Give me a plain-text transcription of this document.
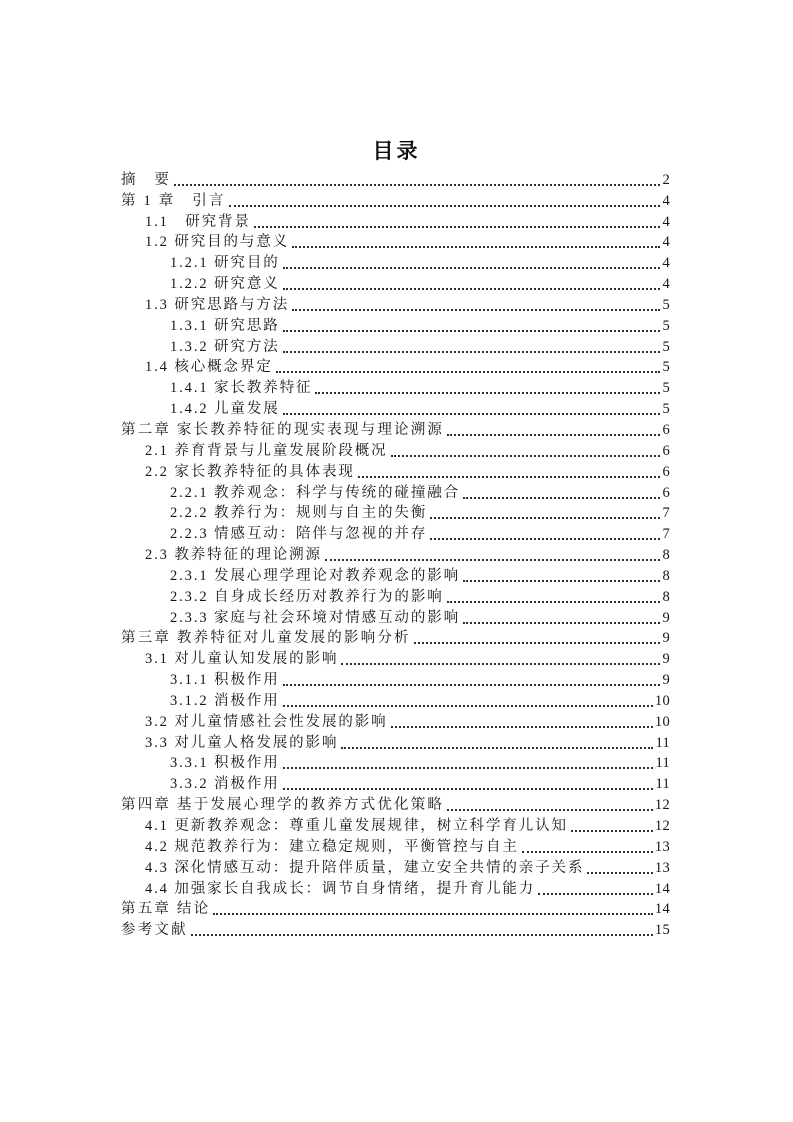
目录
摘　要	2
第 1 章　引言	4
1.1　研究背景	4
1.2 研究目的与意义	4
1.2.1 研究目的	4
1.2.2 研究意义	4
1.3 研究思路与方法	5
1.3.1 研究思路	5
1.3.2 研究方法	5
1.4 核心概念界定	5
1.4.1 家长教养特征	5
1.4.2 儿童发展	5
第二章 家长教养特征的现实表现与理论溯源	6
2.1 养育背景与儿童发展阶段概况	6
2.2 家长教养特征的具体表现	6
2.2.1 教养观念：科学与传统的碰撞融合	6
2.2.2 教养行为：规则与自主的失衡	7
2.2.3 情感互动：陪伴与忽视的并存	7
2.3 教养特征的理论溯源	8
2.3.1 发展心理学理论对教养观念的影响	8
2.3.2 自身成长经历对教养行为的影响	8
2.3.3 家庭与社会环境对情感互动的影响	9
第三章 教养特征对儿童发展的影响分析	9
3.1 对儿童认知发展的影响	9
3.1.1 积极作用	9
3.1.2 消极作用	10
3.2 对儿童情感社会性发展的影响	10
3.3 对儿童人格发展的影响	11
3.3.1 积极作用	11
3.3.2 消极作用	11
第四章 基于发展心理学的教养方式优化策略	12
4.1 更新教养观念：尊重儿童发展规律，树立科学育儿认知	12
4.2 规范教养行为：建立稳定规则，平衡管控与自主	13
4.3 深化情感互动：提升陪伴质量，建立安全共情的亲子关系	13
4.4 加强家长自我成长：调节自身情绪，提升育儿能力	14
第五章 结论	14
参考文献	15
